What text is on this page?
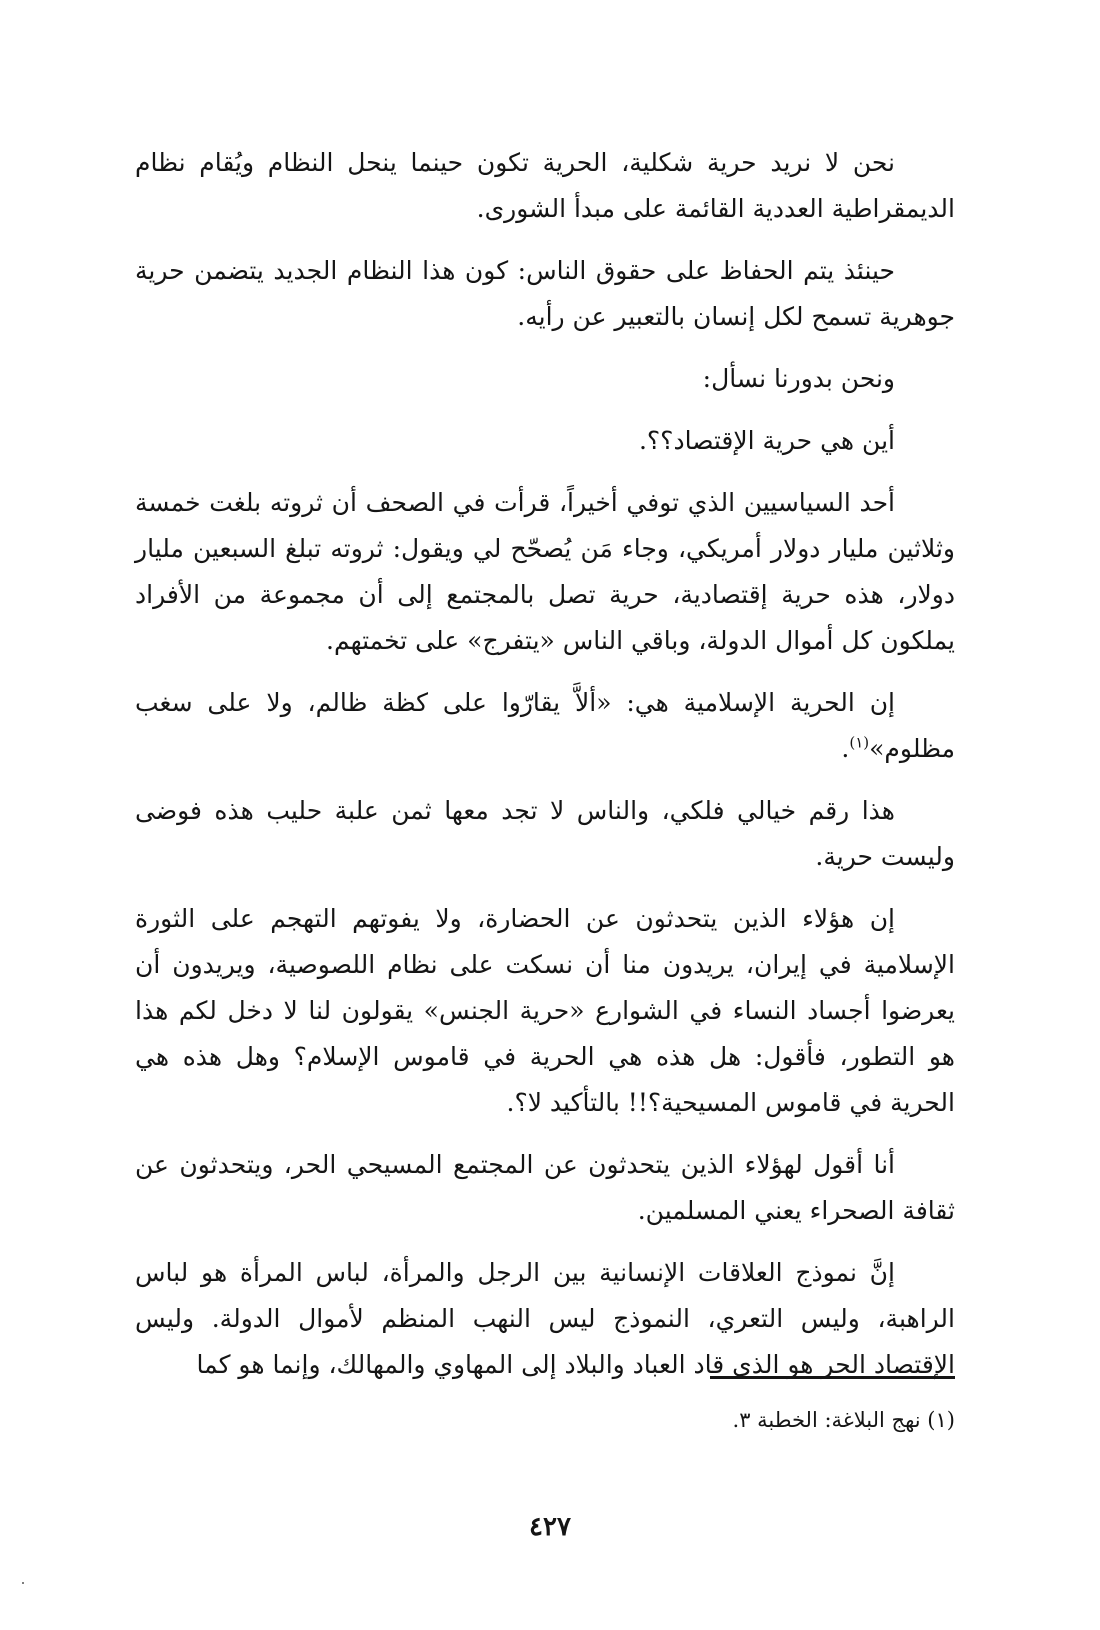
نحن لا نريد حرية شكلية، الحرية تكون حينما ينحل النظام ويُقام نظام الديمقراطية العددية القائمة على مبدأ الشورى.

حينئذ يتم الحفاظ على حقوق الناس: كون هذا النظام الجديد يتضمن حرية جوهرية تسمح لكل إنسان بالتعبير عن رأيه.

ونحن بدورنا نسأل:

أين هي حرية الإقتصاد؟؟.

أحد السياسيين الذي توفي أخيراً، قرأت في الصحف أن ثروته بلغت خمسة وثلاثين مليار دولار أمريكي، وجاء مَن يُصحّح لي ويقول: ثروته تبلغ السبعين مليار دولار، هذه حرية إقتصادية، حرية تصل بالمجتمع إلى أن مجموعة من الأفراد يملكون كل أموال الدولة، وباقي الناس «يتفرج» على تخمتهم.

إن الحرية الإسلامية هي: «ألاَّ يقارّوا على كظة ظالم، ولا على سغب مظلوم»$^{(١)}$.

هذا رقم خيالي فلكي، والناس لا تجد معها ثمن علبة حليب هذه فوضى وليست حرية.

إن هؤلاء الذين يتحدثون عن الحضارة، ولا يفوتهم التهجم على الثورة الإسلامية في إيران، يريدون منا أن نسكت على نظام اللصوصية، ويريدون أن يعرضوا أجساد النساء في الشوارع «حرية الجنس» يقولون لنا لا دخل لكم هذا هو التطور، فأقول: هل هذه هي الحرية في قاموس الإسلام؟ وهل هذه هي الحرية في قاموس المسيحية؟!! بالتأكيد لا؟.

أنا أقول لهؤلاء الذين يتحدثون عن المجتمع المسيحي الحر، ويتحدثون عن ثقافة الصحراء يعني المسلمين.

إنَّ نموذج العلاقات الإنسانية بين الرجل والمرأة، لباس المرأة هو لباس الراهبة، وليس التعري، النموذج ليس النهب المنظم لأموال الدولة. وليس الإقتصاد الحر هو الذي قاد العباد والبلاد إلى المهاوي والمهالك، وإنما هو كما

(١) نهج البلاغة: الخطبة ٣.
٤٢٧
